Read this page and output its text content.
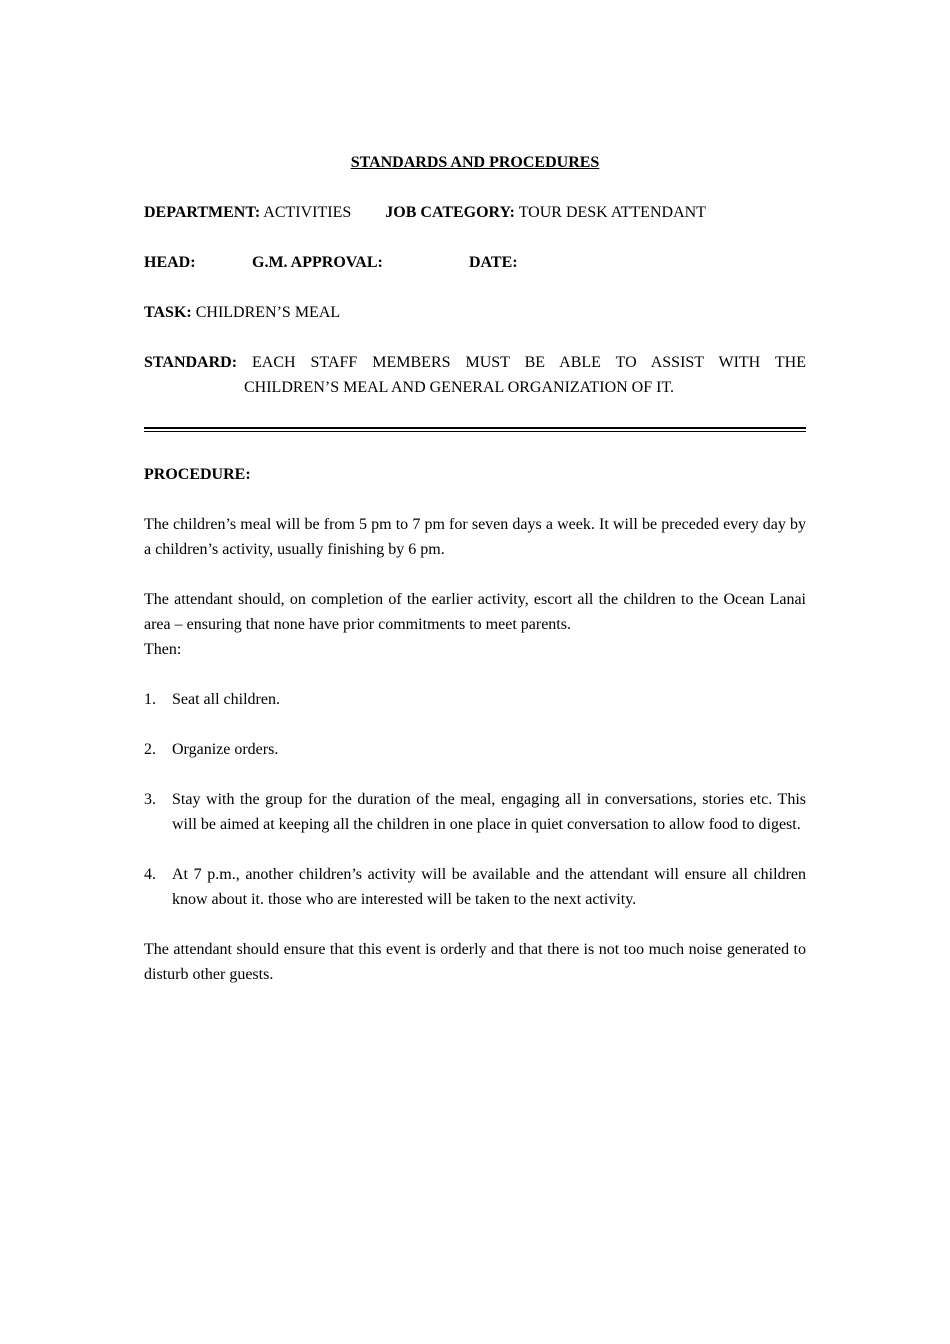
STANDARDS AND PROCEDURES
DEPARTMENT: ACTIVITIES JOB CATEGORY: TOUR DESK ATTENDANT
HEAD:	G.M. APPROVAL:	DATE:
TASK: CHILDREN’S MEAL
STANDARD: EACH STAFF MEMBERS MUST BE ABLE TO ASSIST WITH THE
CHILDREN’S MEAL AND GENERAL ORGANIZATION OF IT.
PROCEDURE:
The children’s meal will be from 5 pm to 7 pm for seven days a week. It will be preceded every day by a children’s activity, usually finishing by 6 pm.
The attendant should, on completion of the earlier activity, escort all the children to the Ocean Lanai area – ensuring that none have prior commitments to meet parents.
Then:
1. Seat all children.
2. Organize orders.
3. Stay with the group for the duration of the meal, engaging all in conversations, stories etc. This will be aimed at keeping all the children in one place in quiet conversation to allow food to digest.
4. At 7 p.m., another children’s activity will be available and the attendant will ensure all children know about it. those who are interested will be taken to the next activity.
The attendant should ensure that this event is orderly and that there is not too much noise generated to disturb other guests.
